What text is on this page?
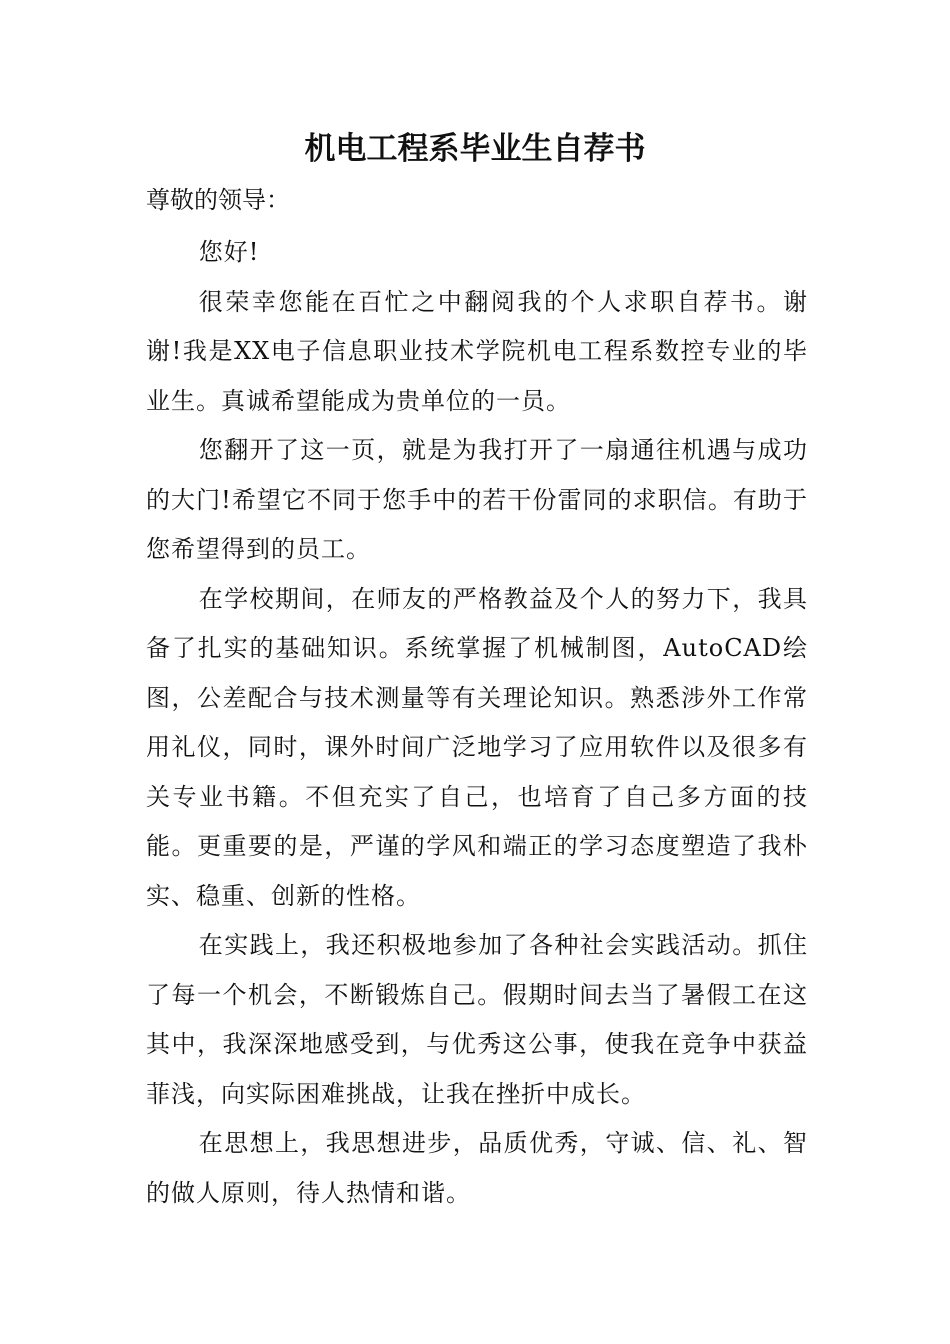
机电工程系毕业生自荐书
尊敬的领导：

您好!

很荣幸您能在百忙之中翻阅我的个人求职自荐书。谢谢!我是XX电子信息职业技术学院机电工程系数控专业的毕业生。真诚希望能成为贵单位的一员。

您翻开了这一页，就是为我打开了一扇通往机遇与成功的大门!希望它不同于您手中的若干份雷同的求职信。有助于您希望得到的员工。

在学校期间，在师友的严格教益及个人的努力下，我具备了扎实的基础知识。系统掌握了机械制图，AutoCAD绘图，公差配合与技术测量等有关理论知识。熟悉涉外工作常用礼仪，同时，课外时间广泛地学习了应用软件以及很多有关专业书籍。不但充实了自己，也培育了自己多方面的技能。更重要的是，严谨的学风和端正的学习态度塑造了我朴实、稳重、创新的性格。

在实践上，我还积极地参加了各种社会实践活动。抓住了每一个机会，不断锻炼自己。假期时间去当了暑假工在这其中，我深深地感受到，与优秀这公事，使我在竞争中获益菲浅，向实际困难挑战，让我在挫折中成长。

在思想上，我思想进步，品质优秀，守诚、信、礼、智的做人原则，待人热情和谐。
